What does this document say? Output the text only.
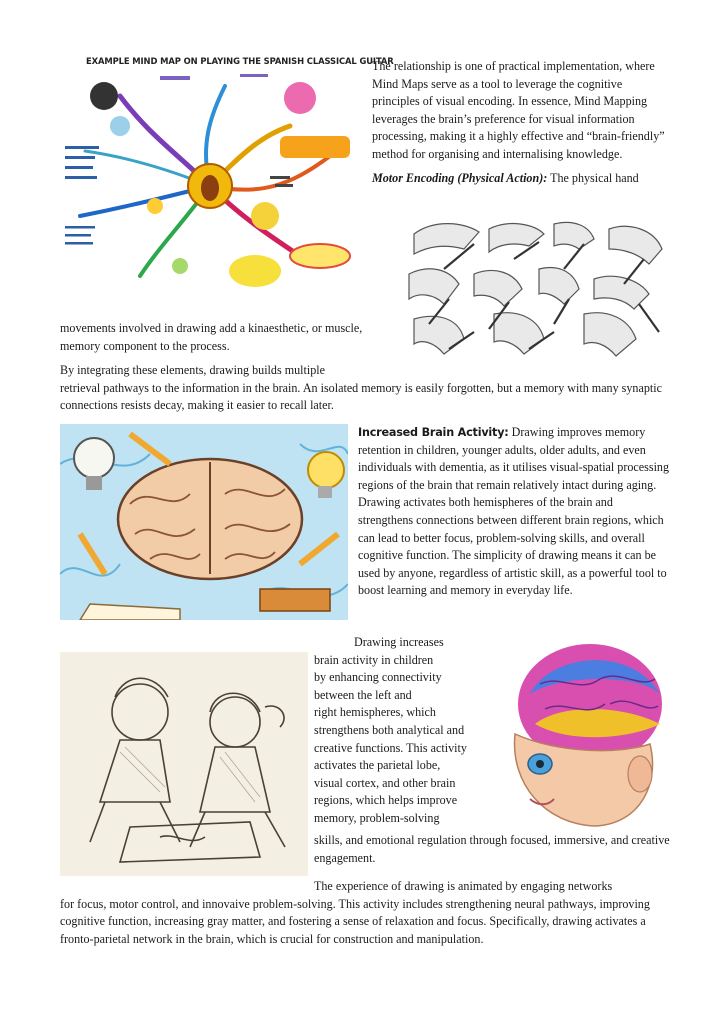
EXAMPLE MIND MAP ON PLAYING THE SPANISH CLASSICAL GUITAR

The relationship is one of practical implementation, where Mind Maps serve as a tool to leverage the cognitive principles of visual encoding. In essence, Mind Mapping leverages the brain’s preference for visual information processing, making it a highly effective and “brain-friendly” method for organising and internalising knowledge.

Motor Encoding (Physical Action): The physical hand

movements involved in drawing add a kinaesthetic, or muscle, memory component to the process.

By integrating these elements, drawing builds multiple

retrieval pathways to the information in the brain. An isolated memory is easily forgotten, but a memory with many synaptic connections resists decay, making it easier to recall later.

Increased Brain Activity: Drawing improves memory retention in children, younger adults, older adults, and even individuals with dementia, as it utilises visual-spatial processing regions of the brain that remain relatively intact during aging. Drawing activates both hemispheres of the brain and strengthens connections between different brain regions, which can lead to better focus, problem-solving skills, and overall cognitive function. The simplicity of drawing means it can be used by anyone, regardless of artistic skill, as a powerful tool to boost learning and memory in everyday life.

Drawing increases

brain activity in children

by enhancing connectivity

between the left and

right hemispheres, which

strengthens both analytical and

creative functions. This activity

activates the parietal lobe,

visual cortex, and other brain

regions, which helps improve

memory, problem-solving

skills, and emotional regulation through focused, immersive, and creative engagement.

The experience of drawing is animated by engaging networks

for focus, motor control, and innovaive problem-solving. This activity includes strengthening neural pathways, improving cognitive function, increasing gray matter, and fostering a sense of relaxation and focus. Specifically, drawing activates a fronto-parietal network in the brain, which is crucial for construction and manipulation.
